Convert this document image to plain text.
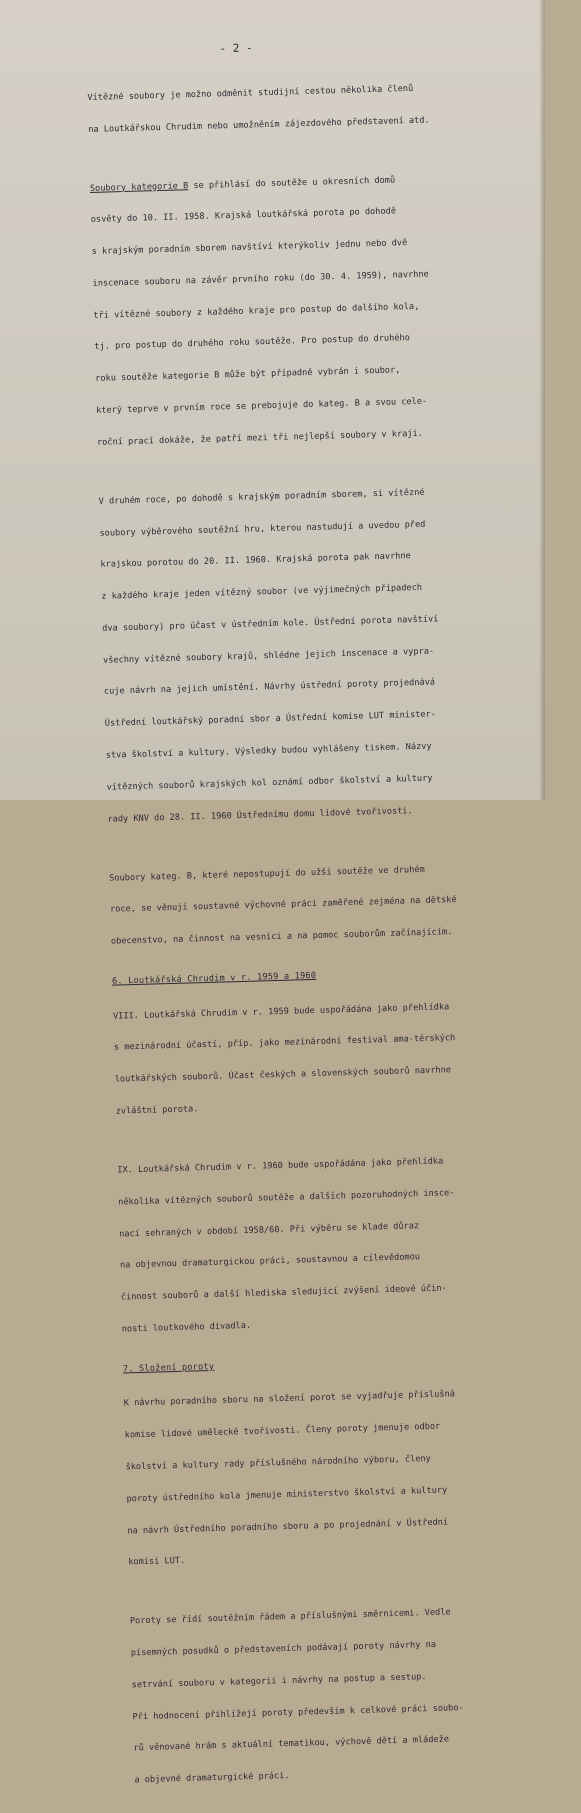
- 2 -

Vítězné soubory je možno odměnit studijní cestou několika členů

na Loutkářskou Chrudim nebo umožněním zájezdového představení atd.

Soubory kategorie B se přihlásí do soutěže u okresních domů

osvěty do 10. II. 1958. Krajská loutkářská porota po dohodě

s krajským poradním sborem navštíví kterýkoliv jednu nebo dvě

inscenace souboru na závěr prvního roku (do 30. 4. 1959), navrhne

tři vítězné soubory z každého kraje pro postup do dalšího kola,

tj. pro postup do druhého roku soutěže. Pro postup do druhého

roku soutěže kategorie B může být případně vybrán i soubor,

který teprve v prvním roce se prebojuje do kateg. B a svou cele-

roční prací dokáže, že patří mezi tři nejlepší soubory v kraji.

V druhém roce, po dohodě s krajským poradním sborem, si vítězné

soubory výběrového soutěžní hru, kterou nastudují a uvedou před

krajskou porotou do 20. II. 1960. Krajská porota pak navrhne

z každého kraje jeden vítězný soubor (ve výjimečných případech

dva soubory) pro účast v ústředním kole. Ústřední porota navštíví

všechny vítězné soubory krajů, shlédne jejich inscenace a vypra-

cuje návrh na jejich umístění. Návrhy ústřední poroty projednává

Ústřední loutkářský poradní sbor a Ústřední komise LUT minister-

stva školství a kultury. Výsledky budou vyhlášeny tiskem. Názvy

vítězných souborů krajských kol oznámí odbor školství a kultury

rady KNV do 28. II. 1960 Ústřednímu domu lidové tvořivosti.

Soubory kateg. B, které nepostupují do užší soutěže ve druhém

roce, se věnují soustavné výchovné práci zaměřené zejména na dětské

obecenstvo, na činnost na vesnici a na pomoc souborům začínajícím.

6. Loutkářská Chrudim v r. 1959 a 1960

VIII. Loutkářská Chrudim v r. 1959 bude uspořádána jako přehlídka

s mezinárodní účastí, příp. jako mezinárodní festival ama-térských

loutkářských souborů. Účast českých a slovenských souborů navrhne

zvláštní porota.

IX. Loutkářská Chrudim v r. 1960 bude uspořádána jako přehlídka

několika vítězných souborů soutěže a dalších pozoruhodných insce-

nací sehraných v období 1958/60. Při výběru se klade důraz

na objevnou dramaturgickou práci, soustavnou a cílevědomou

činnost souborů a další hlediska sledující zvýšení ideové účin-

nosti loutkového divadla.

7. Složení poroty

K návrhu poradního sboru na složení porot se vyjadřuje příslušná

komise lidové umělecké tvořivosti. Členy poroty jmenuje odbor

školství a kultury rady příslušného národního výboru, členy

poroty ústředního kola jmenuje ministerstvo školství a kultury

na návrh Ústředního poradního sboru a po projednání v Ústřední

komisi LUT.

Poroty se řídí soutěžním řádem a příslušnými směrnicemi. Vedle

písemných posudků o představeních podávají poroty návrhy na

setrvání souboru v kategorii i návrhy na postup a sestup.

Při hodnocení přihlížejí poroty především k celkové práci soubo-

rů věnované hrám s aktuální tematikou, výchově dětí a mládeže

a objevné dramaturgické práci.
